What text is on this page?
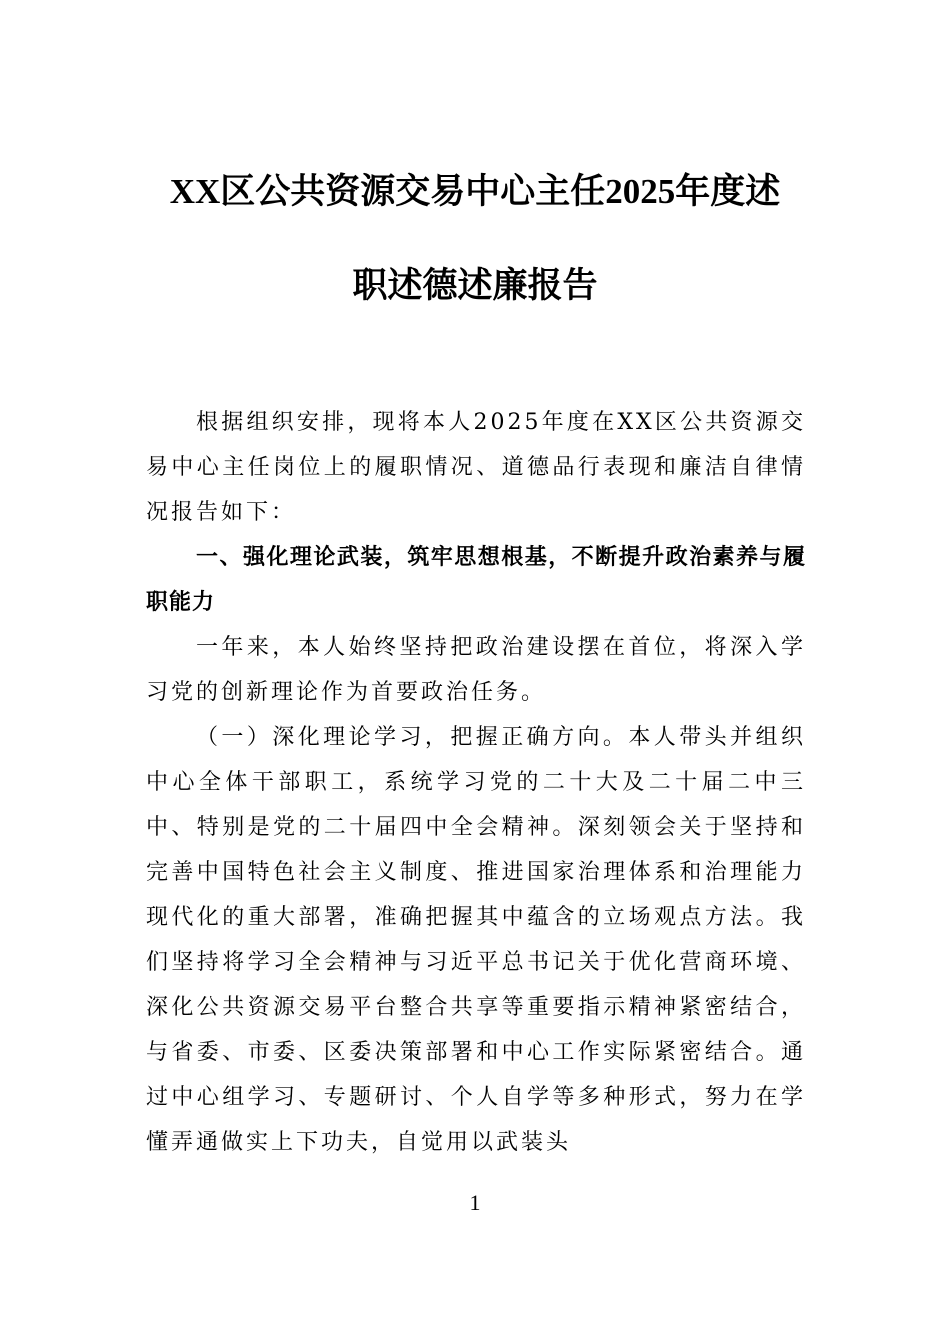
XX区公共资源交易中心主任2025年度述
职述德述廉报告

根据组织安排，现将本人2025年度在XX区公共资源交易中心主任岗位上的履职情况、道德品行表现和廉洁自律情况报告如下：

一、强化理论武装，筑牢思想根基，不断提升政治素养与履职能力

一年来，本人始终坚持把政治建设摆在首位，将深入学习党的创新理论作为首要政治任务。

（一）深化理论学习，把握正确方向。本人带头并组织中心全体干部职工，系统学习党的二十大及二十届二中三中、特别是党的二十届四中全会精神。深刻领会关于坚持和完善中国特色社会主义制度、推进国家治理体系和治理能力现代化的重大部署，准确把握其中蕴含的立场观点方法。我们坚持将学习全会精神与习近平总书记关于优化营商环境、深化公共资源交易平台整合共享等重要指示精神紧密结合，与省委、市委、区委决策部署和中心工作实际紧密结合。通过中心组学习、专题研讨、个人自学等多种形式，努力在学懂弄通做实上下功夫，自觉用以武装头

1
